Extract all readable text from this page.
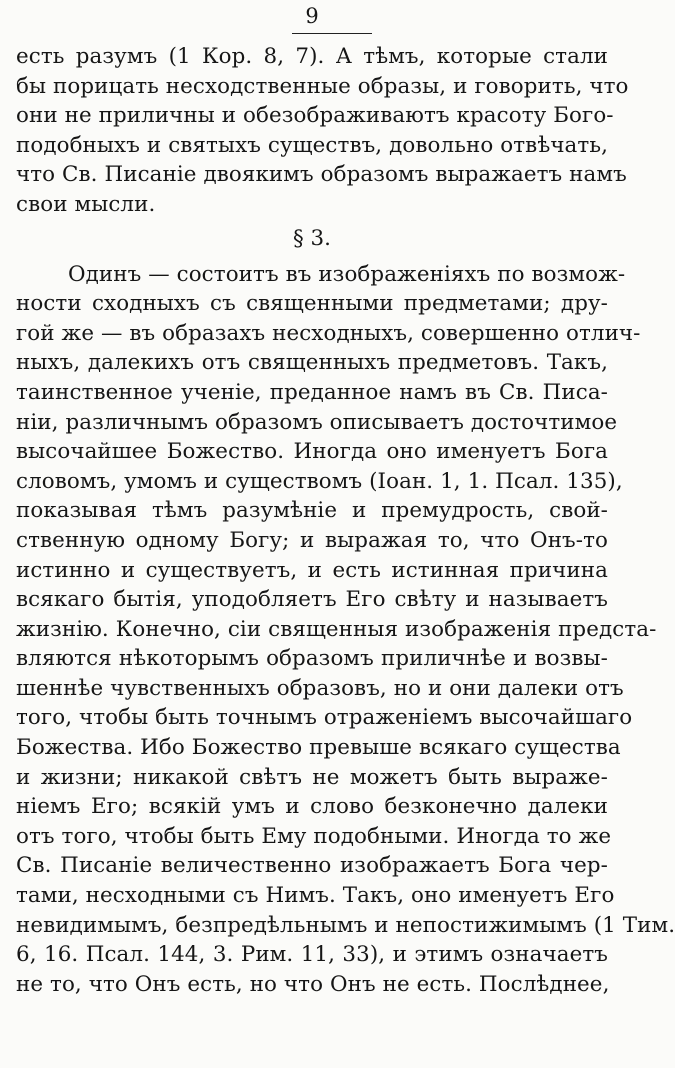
9
есть разумъ (1 Кор. 8, 7). А тѣмъ, которые стали
бы порицать несходственные образы, и говорить, что
они не приличны и обезображиваютъ красоту Бого-
подобныхъ и святыхъ существъ, довольно отвѣчать,
что Св. Писаніе двоякимъ образомъ выражаетъ намъ
свои мысли.
§ 3.
Одинъ — состоитъ въ изображеніяхъ по возмож-
ности сходныхъ съ священными предметами; дру-
гой же — въ образахъ несходныхъ, совершенно отлич-
ныхъ, далекихъ отъ священныхъ предметовъ. Такъ,
таинственное ученіе, преданное намъ въ Св. Писа-
ніи, различнымъ образомъ описываетъ досточтимое
высочайшее Божество. Иногда оно именуетъ Бога
словомъ, умомъ и существомъ (Іоан. 1, 1. Псал. 135),
показывая тѣмъ разумѣніе и премудрость, свой-
ственную одному Богу; и выражая то, что Онъ-то
истинно и существуетъ, и есть истинная причина
всякаго бытія, уподобляетъ Его свѣту и называетъ
жизнію. Конечно, сіи священныя изображенія предста-
вляются нѣкоторымъ образомъ приличнѣе и возвы-
шеннѣе чувственныхъ образовъ, но и они далеки отъ
того, чтобы быть точнымъ отраженіемъ высочайшаго
Божества. Ибо Божество превыше всякаго существа
и жизни; никакой свѣтъ не можетъ быть выраже-
ніемъ Его; всякій умъ и слово безконечно далеки
отъ того, чтобы быть Ему подобными. Иногда то же
Св. Писаніе величественно изображаетъ Бога чер-
тами, несходными съ Нимъ. Такъ, оно именуетъ Его
невидимымъ, безпредѣльнымъ и непостижимымъ (1 Тим.
6, 16. Псал. 144, 3. Рим. 11, 33), и этимъ означаетъ
не то, что Онъ есть, но что Онъ не есть. Послѣднее,
